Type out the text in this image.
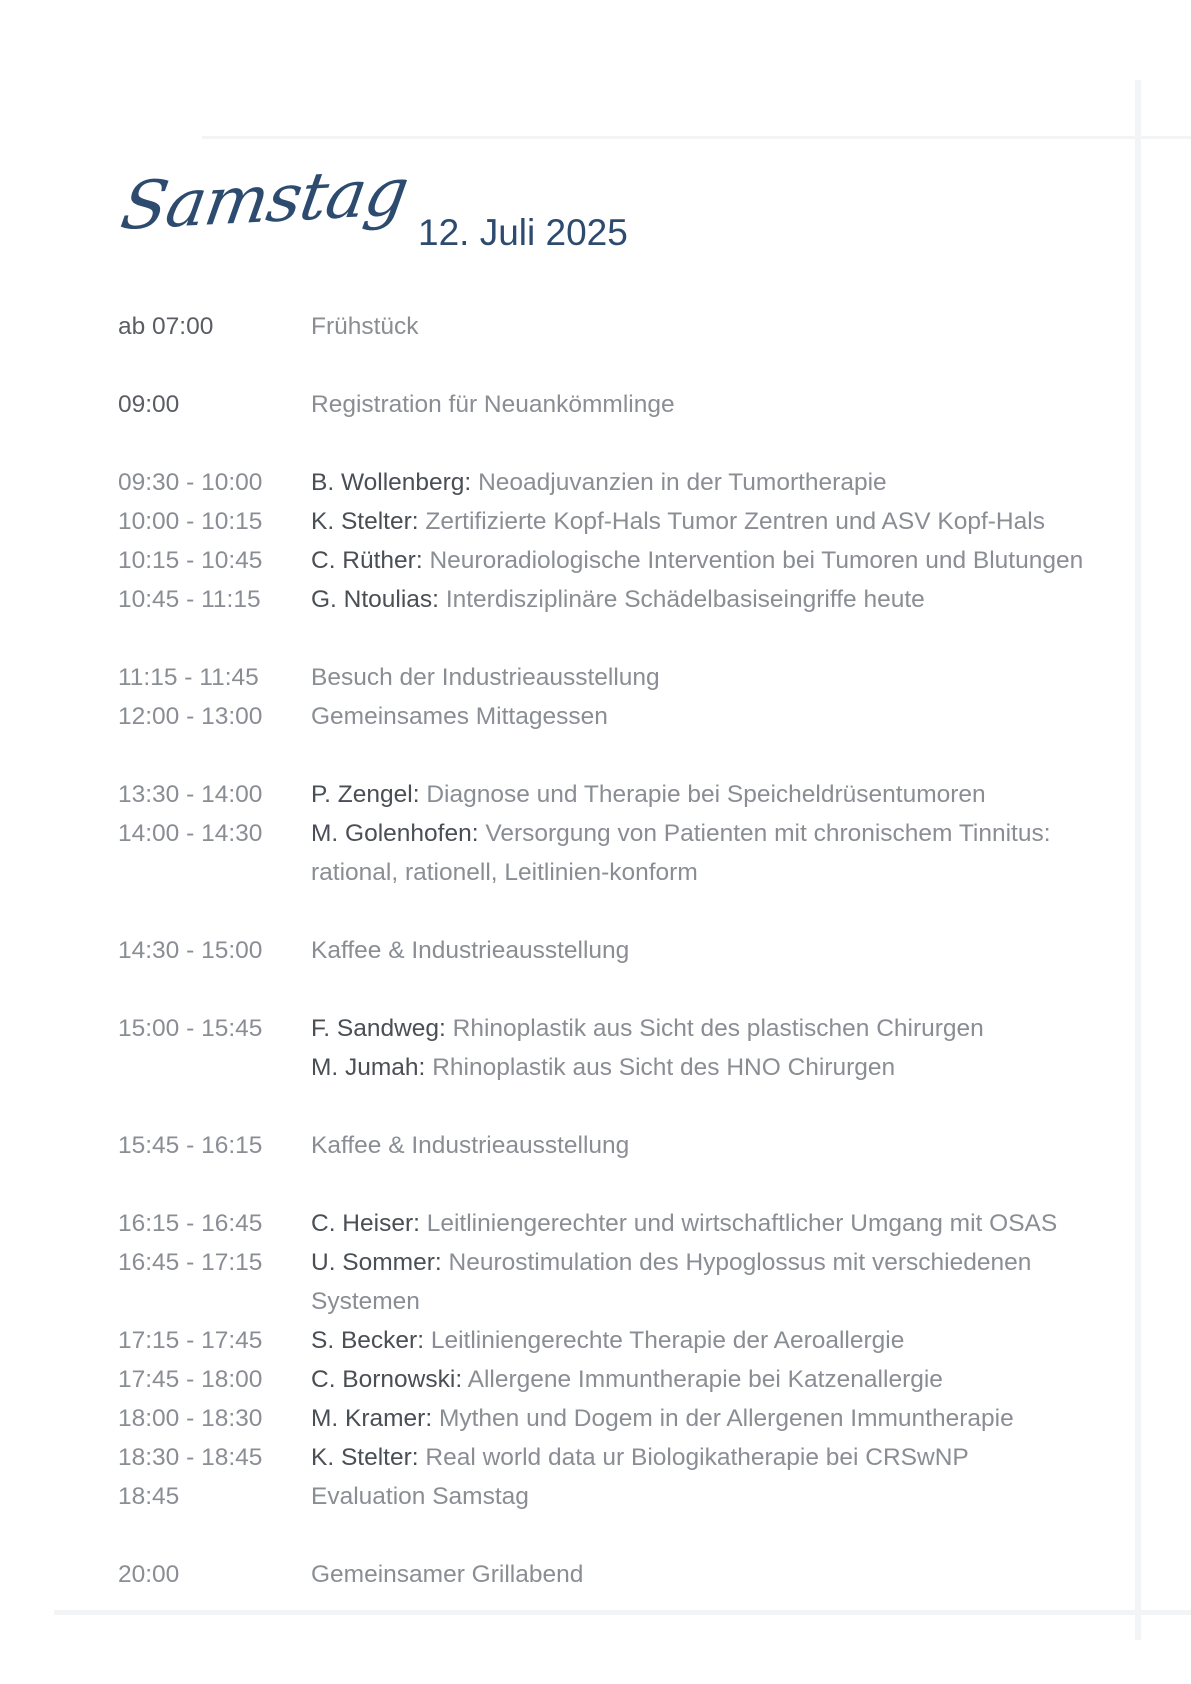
Samstag 12. Juli 2025
ab 07:00	Frühstück
09:00	Registration für Neuankömmlinge
09:30 - 10:00 B. Wollenberg: Neoadjuvanzien in der Tumortherapie
10:00 - 10:15 K. Stelter: Zertifizierte Kopf-Hals Tumor Zentren und ASV Kopf-Hals
10:15 - 10:45 C. Rüther: Neuroradiologische Intervention bei Tumoren und Blutungen
10:45 - 11:15 G. Ntoulias: Interdisziplinäre Schädelbasiseingriffe heute
11:15 - 11:45 Besuch der Industrieausstellung
12:00 - 13:00 Gemeinsames Mittagessen
13:30 - 14:00 P. Zengel: Diagnose und Therapie bei Speicheldrüsentumoren
14:00 - 14:30 M. Golenhofen: Versorgung von Patienten mit chronischem Tinnitus: rational, rationell, Leitlinien-konform
14:30 - 15:00 Kaffee & Industrieausstellung
15:00 - 15:45 F. Sandweg: Rhinoplastik aus Sicht des plastischen Chirurgen
M. Jumah: Rhinoplastik aus Sicht des HNO Chirurgen
15:45 - 16:15 Kaffee & Industrieausstellung
16:15 - 16:45 C. Heiser: Leitliniengerechter und wirtschaftlicher Umgang mit OSAS
16:45 - 17:15 U. Sommer: Neurostimulation des Hypoglossus mit verschiedenen Systemen
17:15 - 17:45 S. Becker: Leitliniengerechte Therapie der Aeroallergie
17:45 - 18:00 C. Bornowski: Allergene Immuntherapie bei Katzenallergie
18:00 - 18:30 M. Kramer: Mythen und Dogem in der Allergenen Immuntherapie
18:30 - 18:45 K. Stelter: Real world data ur Biologikatherapie bei CRSwNP
18:45	Evaluation Samstag
20:00	Gemeinsamer Grillabend
